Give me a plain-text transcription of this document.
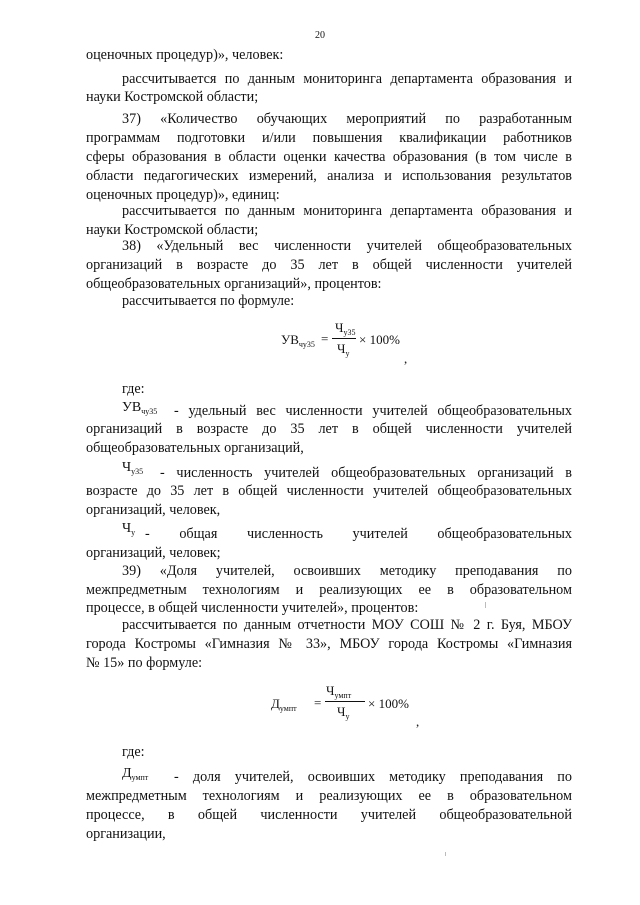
20
оценочных процедур)», человек:
рассчитывается по данным мониторинга департамента образования и
науки Костромской области;
37) «Количество обучающих мероприятий по разработанным
программам подготовки и/или повышения квалификации работников
сферы образования в области оценки качества образования (в том числе в
области педагогических измерений, анализа и использования результатов
оценочных процедур)», единиц:
рассчитывается по данным мониторинга департамента образования и
науки Костромской области;
38) «Удельный вес численности учителей общеобразовательных
организаций в возрасте до 35 лет в общей численности учителей
общеобразовательных организаций», процентов:
рассчитывается по формуле:
$УВ_{чу35}$ =
$Ч_{у35}$
$Ч_у$
× 100%
,
где:
$УВ_{чу35}$ - удельный вес численности учителей общеобразовательных
организаций в возрасте до 35 лет в общей численности учителей
общеобразовательных организаций,
$Ч_{у35}$ - численность учителей общеобразовательных организаций в
возрасте до 35 лет в общей численности учителей общеобразовательных
организаций, человек,
$Ч_у$ - общая численность учителей общеобразовательных
организаций, человек;
39) «Доля учителей, освоивших методику преподавания по
межпредметным технологиям и реализующих ее в образовательном
процессе, в общей численности учителей», процентов:
рассчитывается по данным отчетности МОУ СОШ № 2 г. Буя, МБОУ
города Костромы «Гимназия № 33», МБОУ города Костромы «Гимназия
№ 15» по формуле:
$Д_{умпт}$ =
$Ч_{умпт}$
$Ч_у$
× 100%
,
где:
$Д_{умпт}$ - доля учителей, освоивших методику преподавания по
межпредметным технологиям и реализующих ее в образовательном
процессе, в общей численности учителей общеобразовательной
организации,
